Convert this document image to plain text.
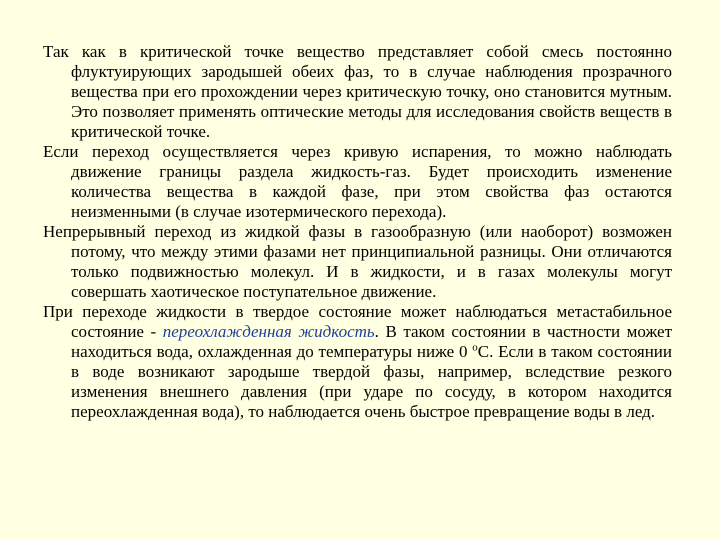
Так как в критической точке вещество представляет собой смесь постоянно флуктуирующих зародышей обеих фаз, то в случае наблюдения прозрачного вещества при его прохождении через критическую точку, оно становится мутным. Это позволяет применять оптические методы для исследования свойств веществ в критической точке.

Если переход осуществляется через кривую испарения, то можно наблюдать движение границы раздела жидкость-газ. Будет происходить изменение количества вещества в каждой фазе, при этом свойства фаз остаются неизменными (в случае изотермического перехода).

Непрерывный переход из жидкой фазы в газообразную (или наоборот) возможен потому, что между этими фазами нет принципиальной разницы. Они отличаются только подвижностью молекул. И в жидкости, и в газах молекулы могут совершать хаотическое поступательное движение.

При переходе жидкости в твердое состояние может наблюдаться метастабильное состояние - переохлажденная жидкость. В таком состоянии в частности может находиться вода, охлажденная до температуры ниже 0 $^о$С. Если в таком состоянии в воде возникают зародыше твердой фазы, например, вследствие резкого изменения внешнего давления (при ударе по сосуду, в котором находится переохлажденная вода), то наблюдается очень быстрое превращение воды в лед.
